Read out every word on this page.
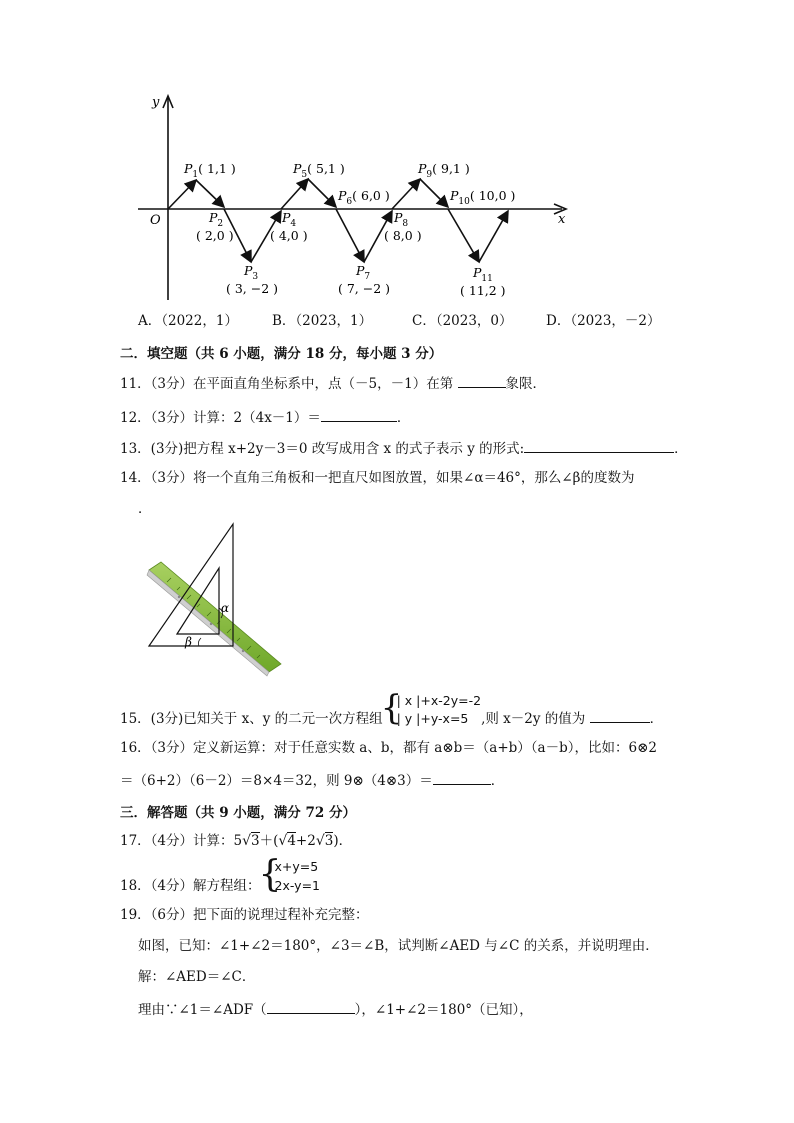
x
y
O
$P_1$( 1,1 )
$P_2$
( 2,0 )
$P_3$
( 3, −2 )
$P_4$
( 4,0 )
$P_5$( 5,1 )
$P_6$( 6,0 )
$P_7$
( 7, −2 )
$P_8$
( 8,0 )
$P_9$( 9,1 )
$P_{10}$( 10,0 )
$P_{11}$
( 11,2 )
A．（2022，1）	B．（2023，1）	C．（2023，0） D．（2023，－2）
二．填空题（共 6 小题，满分 18 分，每小题 3 分）
11．（3分）在平面直角坐标系中，点（－5，－1）在第	象限．
12．（3分）计算：2（4x－1）＝	．
13．(3分)把方程 x+2y－3＝0 改写成用含 x 的式子表示 y 的形式:	．
14．（3分）将一个直角三角板和一把直尺如图放置，如果∠α＝46°，那么∠β的度数为
．
α
β
15．(3分)已知关于 x、y 的二元一次方程组
{
| x |+x-2y=-2
| y |+y-x=5 ,则 x－2y 的值为	．
16．（3分）定义新运算：对于任意实数 a、b，都有 a⊗b＝（a+b）（a－b），比如：6⊗2
＝（6+2）（6－2）＝8×4＝32，则 9⊗（4⊗3）＝	．
三．解答题（共 9 小题，满分 72 分）
17．（4分）计算：5√3＋(√4+2√3)．
18．（4分）解方程组：
{
x+y=5
2x-y=1
19．（6分）把下面的说理过程补充完整：
如图，已知：∠1+∠2＝180°，∠3＝∠B，试判断∠AED 与∠C 的关系，并说明理由．
解：∠AED＝∠C．
理由∵∠1＝∠ADF（	），∠1+∠2＝180°（已知），
